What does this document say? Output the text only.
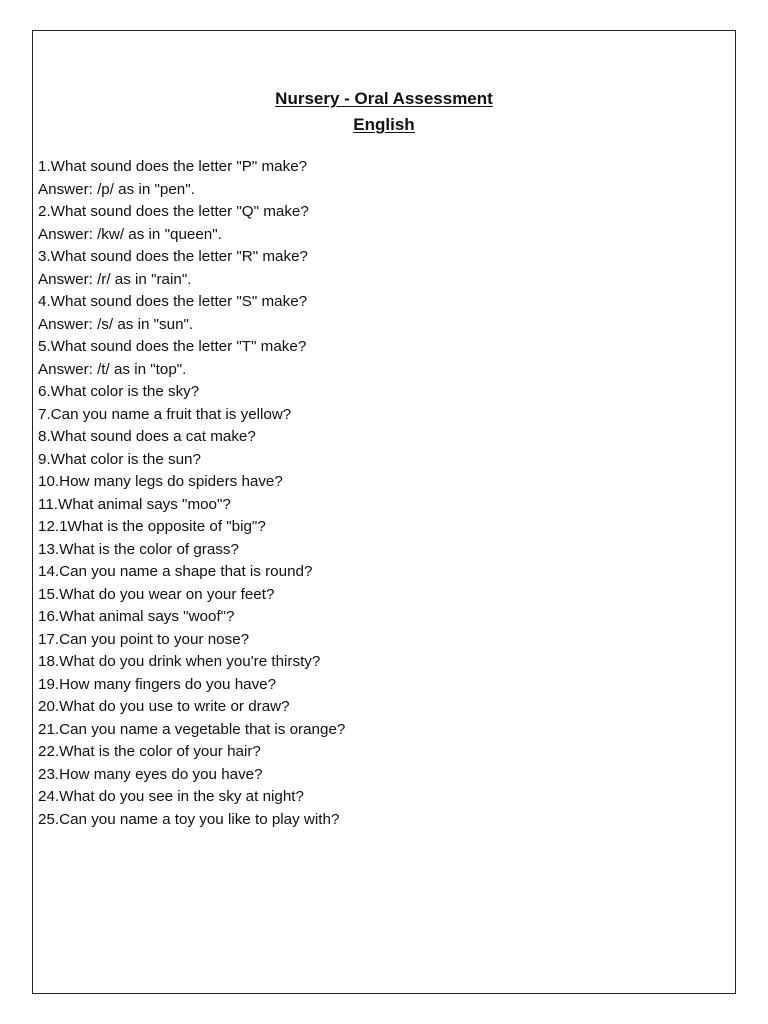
Nursery - Oral Assessment
English
1.What sound does the letter "P" make?
Answer: /p/ as in "pen".
2.What sound does the letter "Q" make?
Answer: /kw/ as in "queen".
3.What sound does the letter "R" make?
Answer: /r/ as in "rain".
4.What sound does the letter "S" make?
Answer: /s/ as in "sun".
5.What sound does the letter "T" make?
Answer: /t/ as in "top".
6.What color is the sky?
7.Can you name a fruit that is yellow?
8.What sound does a cat make?
9.What color is the sun?
10.How many legs do spiders have?
11.What animal says "moo"?
12.1What is the opposite of "big"?
13.What is the color of grass?
14.Can you name a shape that is round?
15.What do you wear on your feet?
16.What animal says "woof"?
17.Can you point to your nose?
18.What do you drink when you're thirsty?
19.How many fingers do you have?
20.What do you use to write or draw?
21.Can you name a vegetable that is orange?
22.What is the color of your hair?
23.How many eyes do you have?
24.What do you see in the sky at night?
25.Can you name a toy you like to play with?
